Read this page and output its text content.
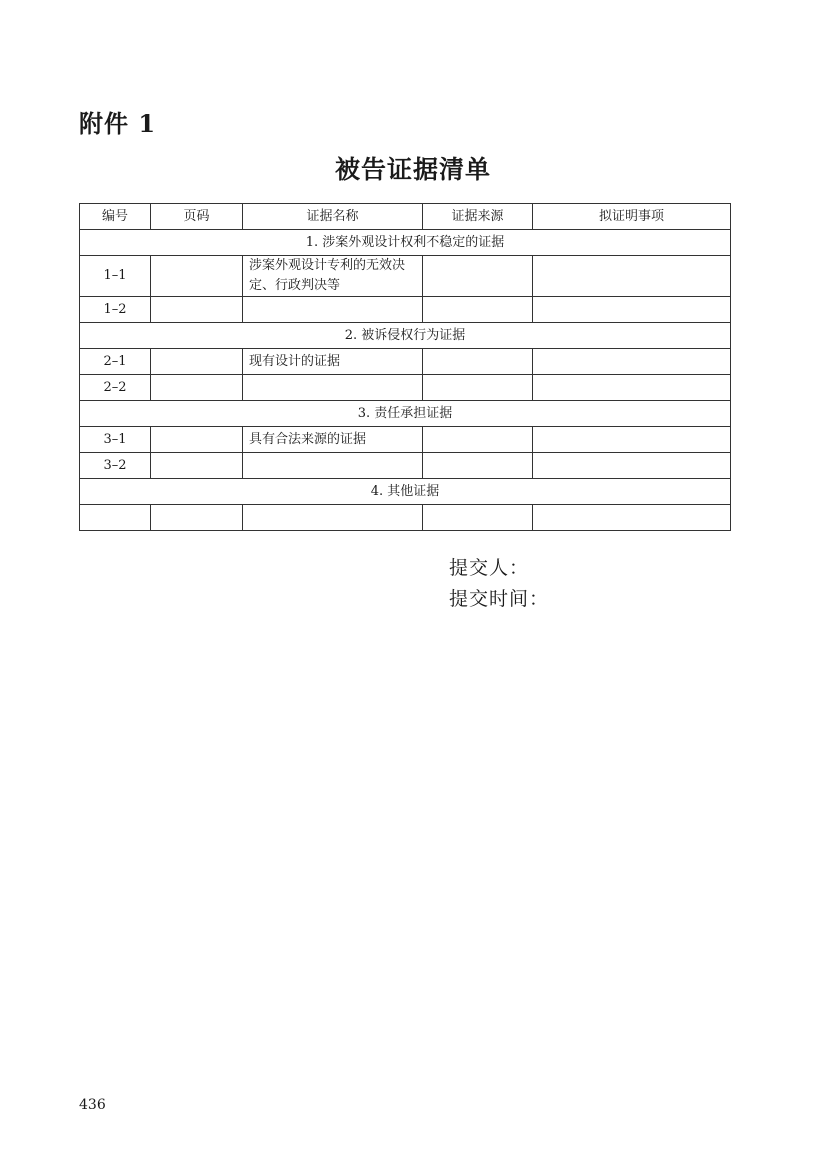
附件 1
被告证据清单
编号	页码	证据名称	证据来源	拟证明事项
1. 涉案外观设计权利不稳定的证据				
1–1		涉案外观设计专利的无效决定、行政判决等		
1–2				
2. 被诉侵权行为证据				
2–1		现有设计的证据		
2–2				
3. 责任承担证据				
3–1		具有合法来源的证据		
3–2				
4. 其他证据				

提交人：
提交时间：
436
